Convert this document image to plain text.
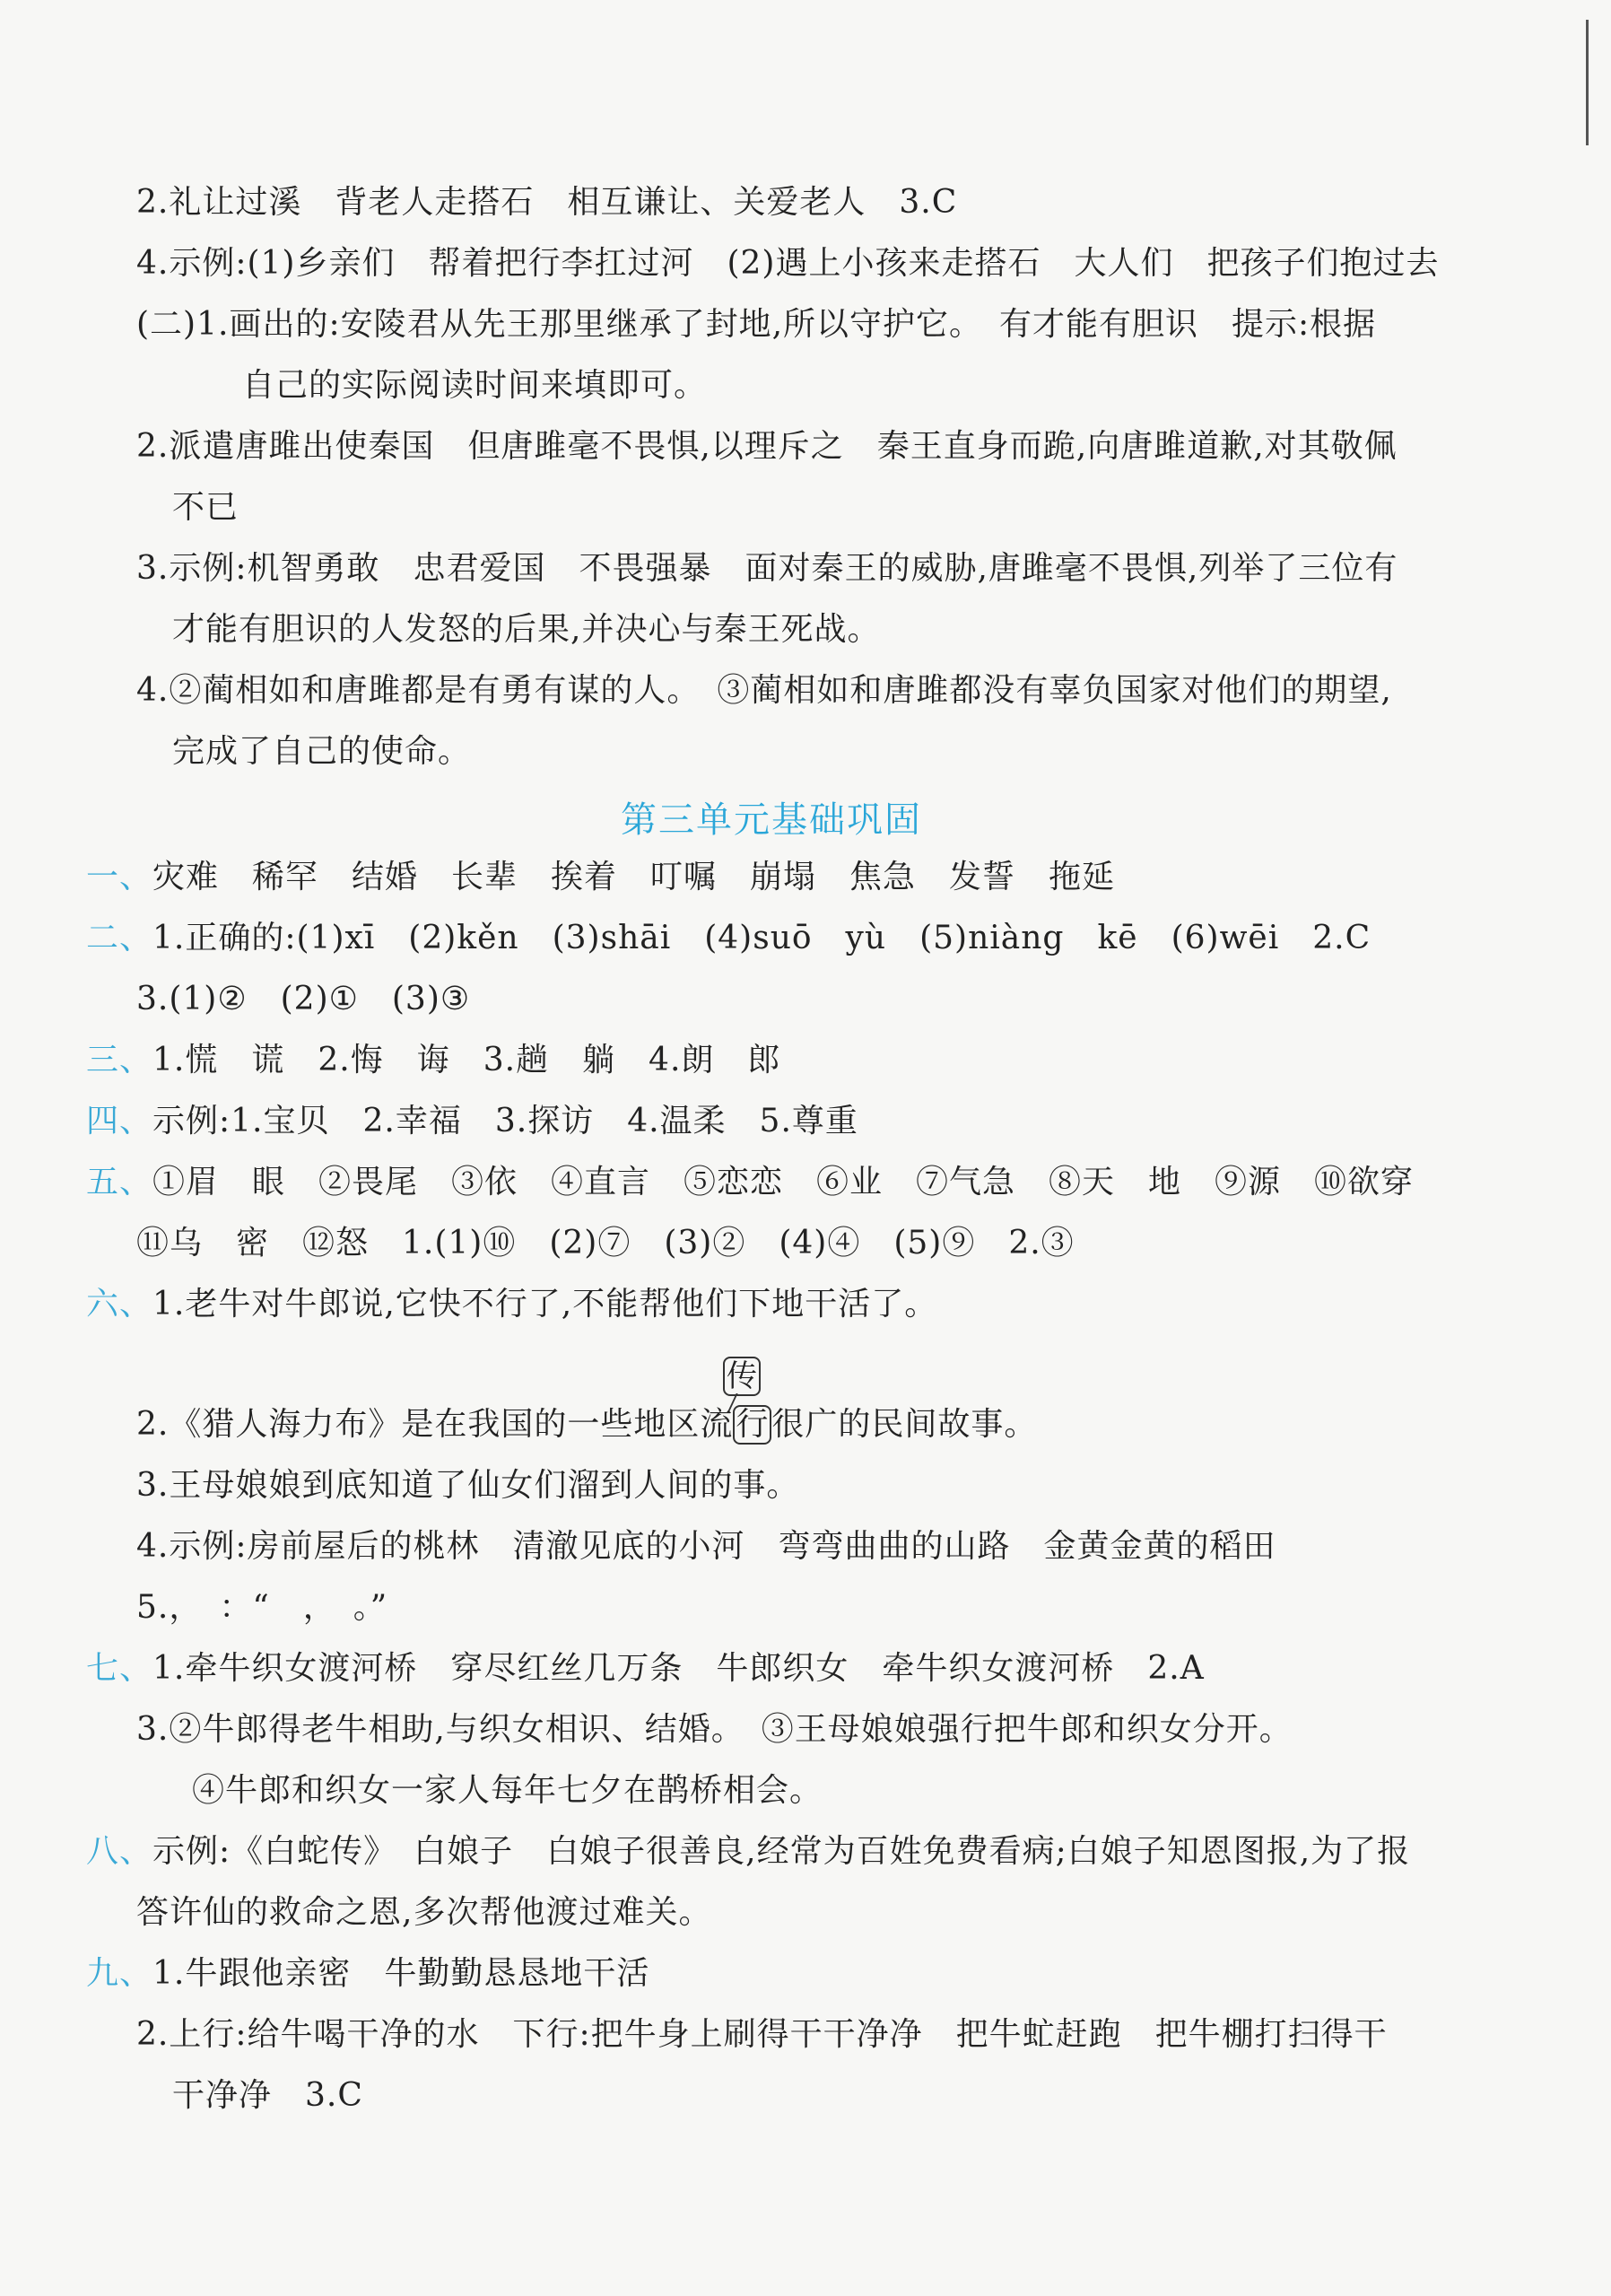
2.礼让过溪　背老人走搭石　相互谦让、关爱老人　3.C
4.示例:(1)乡亲们　帮着把行李扛过河　(2)遇上小孩来走搭石　大人们　把孩子们抱过去
(二)1.画出的:安陵君从先王那里继承了封地,所以守护它。　有才能有胆识　提示:根据
自己的实际阅读时间来填即可。
2.派遣唐雎出使秦国　但唐雎毫不畏惧,以理斥之　秦王直身而跪,向唐雎道歉,对其敬佩
不已
3.示例:机智勇敢　忠君爱国　不畏强暴　面对秦王的威胁,唐雎毫不畏惧,列举了三位有
才能有胆识的人发怒的后果,并决心与秦王死战。
4.②蔺相如和唐雎都是有勇有谋的人。　③蔺相如和唐雎都没有辜负国家对他们的期望,
完成了自己的使命。
第三单元基础巩固
一、灾难　稀罕　结婚　长辈　挨着　叮嘱　崩塌　焦急　发誓　拖延
二、1.正确的:(1)xī　(2)kěn　(3)shāi　(4)suō　yù　(5)niàng　kē　(6)wēi　2.C
3.(1)②　(2)①　(3)③
三、1.慌　谎　2.悔　诲　3.趟　躺　4.朗　郎
四、示例:1.宝贝　2.幸福　3.探访　4.温柔　5.尊重
五、①眉　眼　②畏尾　③依　④直言　⑤恋恋　⑥业　⑦气急　⑧天　地　⑨源　⑩欲穿
⑪乌　密　⑫怒　1.(1)⑩　(2)⑦　(3)②　(4)④　(5)⑨　2.③
六、1.老牛对牛郎说,它快不行了,不能帮他们下地干活了。
传
2.《猎人海力布》是在我国的一些地区流行很广的民间故事。
3.王母娘娘到底知道了仙女们溜到人间的事。
4.示例:房前屋后的桃林　清澈见底的小河　弯弯曲曲的山路　金黄金黄的稻田
5.，　：“　，　。”
七、1.牵牛织女渡河桥　穿尽红丝几万条　牛郎织女　牵牛织女渡河桥　2.A
3.②牛郎得老牛相助,与织女相识、结婚。　③王母娘娘强行把牛郎和织女分开。
④牛郎和织女一家人每年七夕在鹊桥相会。
八、示例:《白蛇传》　白娘子　白娘子很善良,经常为百姓免费看病;白娘子知恩图报,为了报
答许仙的救命之恩,多次帮他渡过难关。
九、1.牛跟他亲密　牛勤勤恳恳地干活
2.上行:给牛喝干净的水　下行:把牛身上刷得干干净净　把牛虻赶跑　把牛棚打扫得干
干净净　3.C
